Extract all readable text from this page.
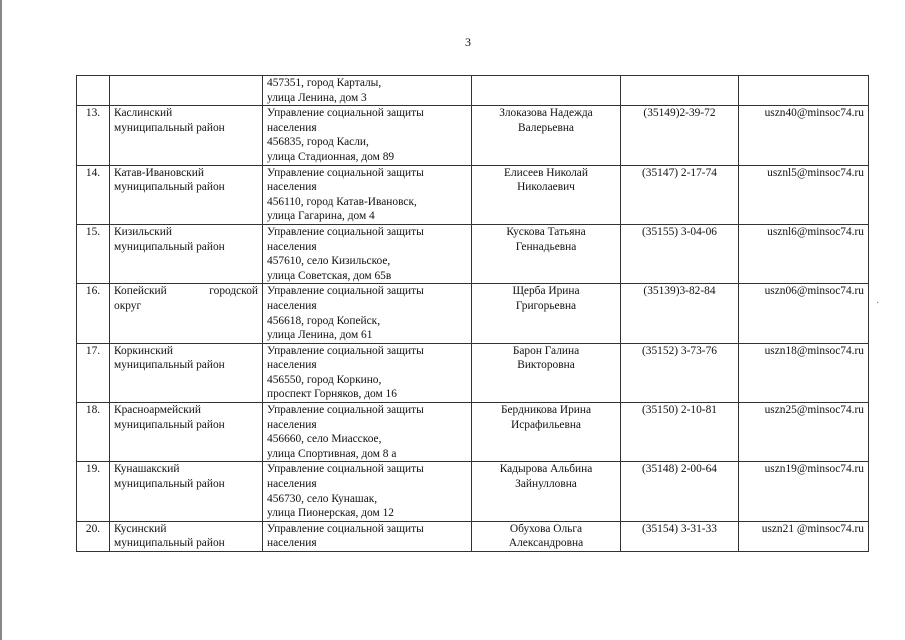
3
·

		457351, город Карталы,
улица Ленина, дом 3			

13.	Каслинский
муниципальный район	Управление социальной защиты
населения
456835, город Касли,
улица Стадионная, дом 89	Злоказова Надежда
Валерьевна	(35149)2-39-72	uszn40@minsoc74.ru

14.	Катав-Ивановский
муниципальный район	Управление социальной защиты
населения
456110, город Катав-Ивановск,
улица Гагарина, дом 4	Елисеев Николай
Николаевич	(35147) 2-17-74	usznl5@minsoc74.ru

15.	Кизильский
муниципальный район	Управление социальной защиты
населения
457610, село Кизильское,
улица Советская, дом 65в	Кускова Татьяна
Геннадьевна	(35155) 3-04-06	usznl6@minsoc74.ru

16.	Копейский городской
округ	Управление социальной защиты
населения
456618, город Копейск,
улица Ленина, дом 61	Щерба Ирина
Григорьевна	(35139)3-82-84	uszn06@minsoc74.ru

17.	Коркинский
муниципальный район	Управление социальной защиты
населения
456550, город Коркино,
проспект Горняков, дом 16	Барон Галина
Викторовна	(35152) 3-73-76	uszn18@minsoc74.ru

18.	Красноармейский
муниципальный район	Управление социальной защиты
населения
456660, село Миасское,
улица Спортивная, дом 8 а	Бердникова Ирина
Исрафильевна	(35150) 2-10-81	uszn25@minsoc74.ru

19.	Кунашакский
муниципальный район	Управление социальной защиты
населения
456730, село Кунашак,
улица Пионерская, дом 12	Кадырова Альбина
Зайнулловна	(35148) 2-00-64	uszn19@minsoc74.ru

20.	Кусинский
муниципальный район	Управление социальной защиты
населения	Обухова Ольга
Александровна	(35154) 3-31-33	uszn21 @minsoc74.ru
